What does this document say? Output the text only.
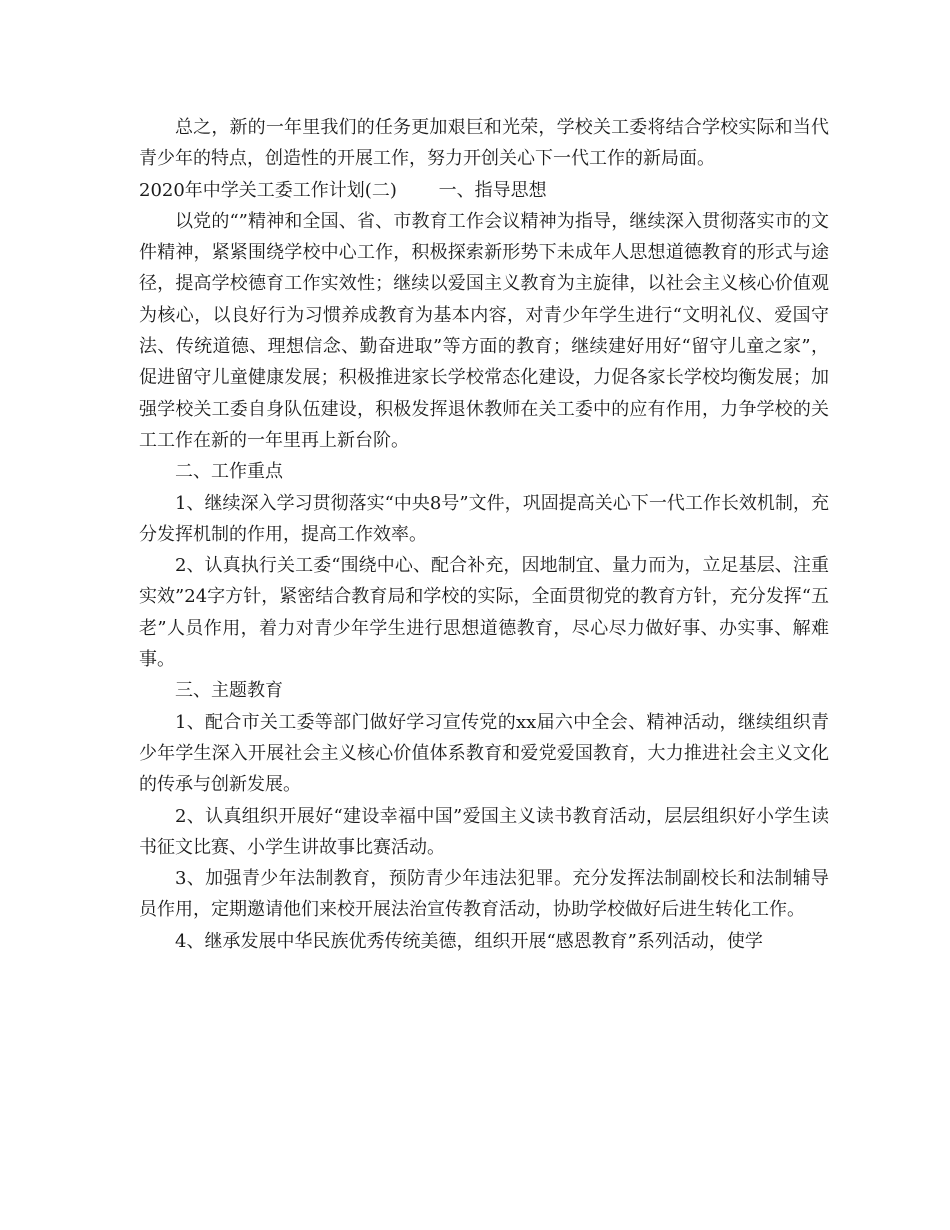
总之，新的一年里我们的任务更加艰巨和光荣，学校关工委将结合学校实际和当代青少年的特点，创造性的开展工作，努力开创关心下一代工作的新局面。

2020年中学关工委工作计划(二)　　 一、指导思想

以党的“”精神和全国、省、市教育工作会议精神为指导，继续深入贯彻落实市的文件精神，紧紧围绕学校中心工作，积极探索新形势下未成年人思想道德教育的形式与途径，提高学校德育工作实效性；继续以爱国主义教育为主旋律，以社会主义核心价值观为核心，以良好行为习惯养成教育为基本内容，对青少年学生进行“文明礼仪、爱国守法、传统道德、理想信念、勤奋进取”等方面的教育；继续建好用好“留守儿童之家”，促进留守儿童健康发展；积极推进家长学校常态化建设，力促各家长学校均衡发展；加强学校关工委自身队伍建设，积极发挥退休教师在关工委中的应有作用，力争学校的关工工作在新的一年里再上新台阶。

二、工作重点

1、继续深入学习贯彻落实“中央8号”文件，巩固提高关心下一代工作长效机制，充分发挥机制的作用，提高工作效率。

2、认真执行关工委“围绕中心、配合补充，因地制宜、量力而为，立足基层、注重实效”24字方针，紧密结合教育局和学校的实际，全面贯彻党的教育方针，充分发挥“五老”人员作用，着力对青少年学生进行思想道德教育，尽心尽力做好事、办实事、解难事。

三、主题教育

1、配合市关工委等部门做好学习宣传党的xx届六中全会、精神活动，继续组织青少年学生深入开展社会主义核心价值体系教育和爱党爱国教育，大力推进社会主义文化的传承与创新发展。

2、认真组织开展好“建设幸福中国”爱国主义读书教育活动，层层组织好小学生读书征文比赛、小学生讲故事比赛活动。

3、加强青少年法制教育，预防青少年违法犯罪。充分发挥法制副校长和法制辅导员作用，定期邀请他们来校开展法治宣传教育活动，协助学校做好后进生转化工作。

4、继承发展中华民族优秀传统美德，组织开展“感恩教育”系列活动，使学
